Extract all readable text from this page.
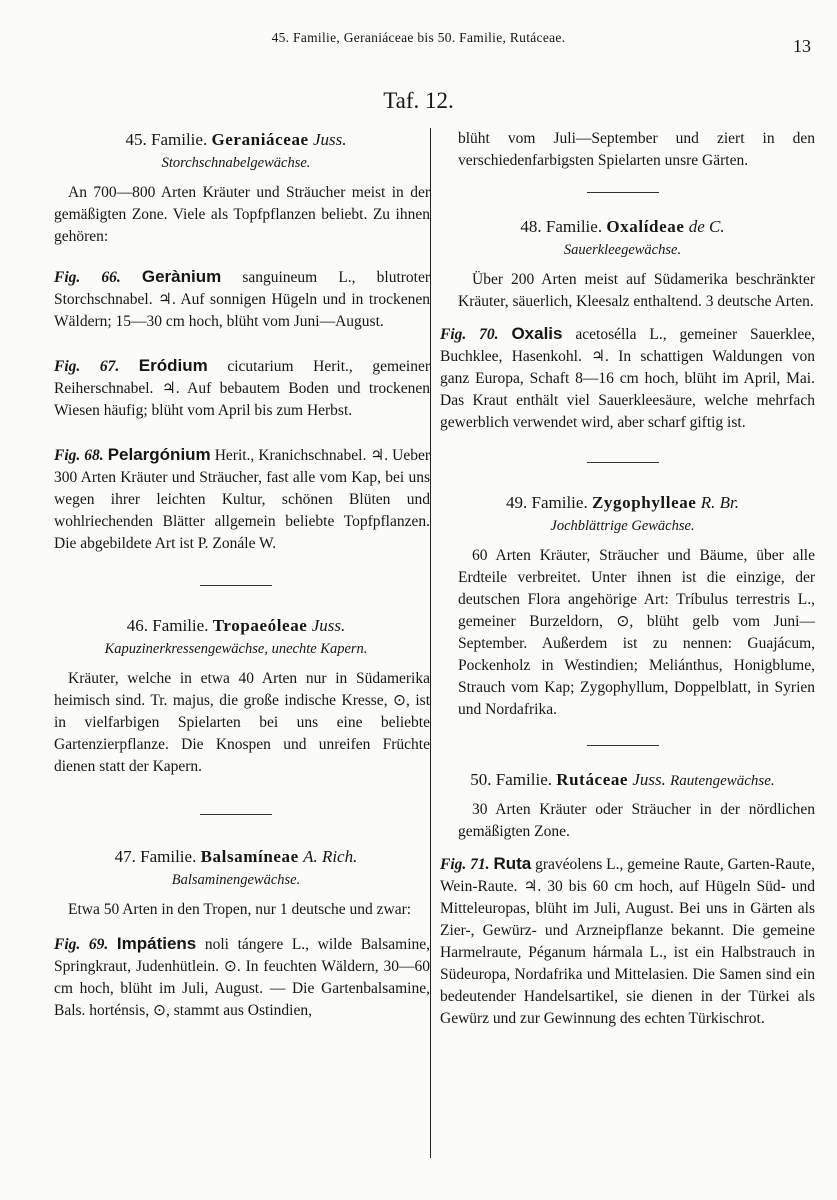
45. Familie, Geraniáceae bis 50. Familie, Rutáceae.	13
Taf. 12.
45. Familie. Geraniáceae Juss.
Storchschnabelgewächse.

An 700—800 Arten Kräuter und Sträucher meist in der gemäßigten Zone. Viele als Topfpflanzen beliebt. Zu ihnen gehören:

Fig. 66. Gerànium sanguineum L., blutroter Storchschnabel. ♃. Auf sonnigen Hügeln und in trockenen Wäldern; 15—30 cm hoch, blüht vom Juni—August.

Fig. 67. Eródium cicutarium Herit., gemeiner Reiherschnabel. ♃. Auf bebautem Boden und trockenen Wiesen häufig; blüht vom April bis zum Herbst.

Fig. 68. Pelargónium Herit., Kranichschnabel. ♃. Ueber 300 Arten Kräuter und Sträucher, fast alle vom Kap, bei uns wegen ihrer leichten Kultur, schönen Blüten und wohlriechenden Blätter allgemein beliebte Topfpflanzen. Die abgebildete Art ist P. Zonále W.

46. Familie. Tropaeóleae Juss.
Kapuzinerkressengewächse, unechte Kapern.

Kräuter, welche in etwa 40 Arten nur in Südamerika heimisch sind. Tr. majus, die große indische Kresse, ⊙, ist in vielfarbigen Spielarten bei uns eine beliebte Gartenzierpflanze. Die Knospen und unreifen Früchte dienen statt der Kapern.

47. Familie. Balsamíneae A. Rich.
Balsaminengewächse.

Etwa 50 Arten in den Tropen, nur 1 deutsche und zwar:

Fig. 69. Impátiens noli tángere L., wilde Balsamine, Springkraut, Judenhütlein. ⊙. In feuchten Wäldern, 30—60 cm hoch, blüht im Juli, August. — Die Gartenbalsamine, Bals. horténsis, ⊙, stammt aus Ostindien,

blüht vom Juli—September und ziert in den verschiedenfarbigsten Spielarten unsre Gärten.

48. Familie. Oxalídeae de C.
Sauerkleegewächse.

Über 200 Arten meist auf Südamerika beschränkter Kräuter, säuerlich, Kleesalz enthaltend. 3 deutsche Arten.

Fig. 70. Oxalis acetosélla L., gemeiner Sauerklee, Buchklee, Hasenkohl. ♃. In schattigen Waldungen von ganz Europa, Schaft 8—16 cm hoch, blüht im April, Mai. Das Kraut enthält viel Sauerkleesäure, welche mehrfach gewerblich verwendet wird, aber scharf giftig ist.

49. Familie. Zygophylleae R. Br.
Jochblättrige Gewächse.

60 Arten Kräuter, Sträucher und Bäume, über alle Erdteile verbreitet. Unter ihnen ist die einzige, der deutschen Flora angehörige Art: Tríbulus terrestris L., gemeiner Burzeldorn, ⊙, blüht gelb vom Juni—September. Außerdem ist zu nennen: Guajácum, Pockenholz in Westindien; Meliánthus, Honigblume, Strauch vom Kap; Zygophyllum, Doppelblatt, in Syrien und Nordafrika.

50. Familie. Rutáceae Juss. Rautengewächse.

30 Arten Kräuter oder Sträucher in der nördlichen gemäßigten Zone.

Fig. 71. Ruta gravéolens L., gemeine Raute, Garten-Raute, Wein-Raute. ♃. 30 bis 60 cm hoch, auf Hügeln Süd- und Mitteleuropas, blüht im Juli, August. Bei uns in Gärten als Zier-, Gewürz- und Arzneipflanze bekannt. Die gemeine Harmelraute, Péganum hármala L., ist ein Halbstrauch in Südeuropa, Nordafrika und Mittelasien. Die Samen sind ein bedeutender Handelsartikel, sie dienen in der Türkei als Gewürz und zur Gewinnung des echten Türkischrot.
